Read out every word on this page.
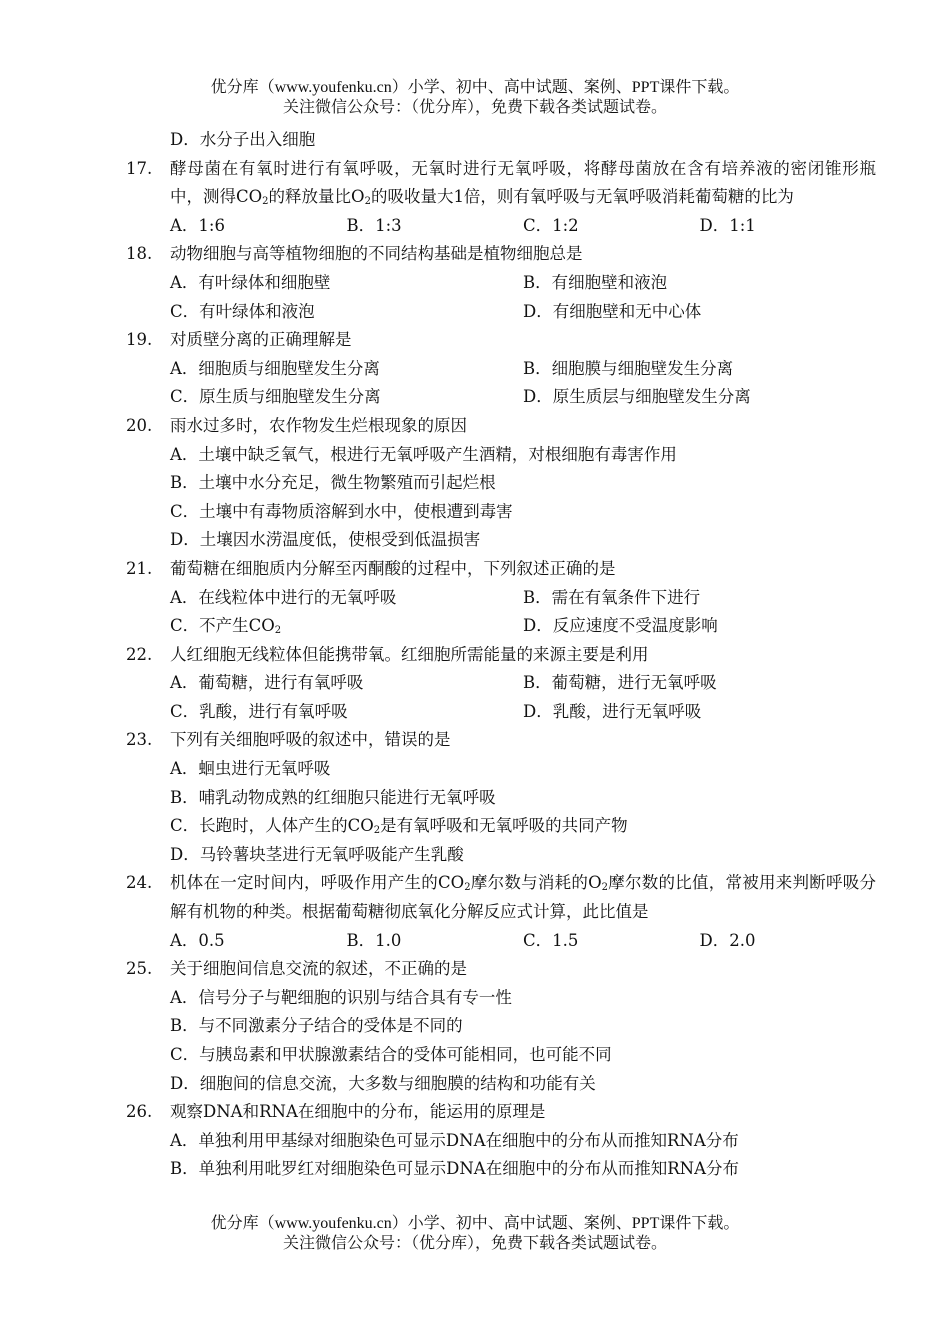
优分库（www.youfenku.cn）小学、初中、高中试题、案例、PPT课件下载。
关注微信公众号：（优分库），免费下载各类试题试卷。
D．水分子出入细胞
17.	酵母菌在有氧时进行有氧呼吸，无氧时进行无氧呼吸，将酵母菌放在含有培养液的密闭锥形瓶中，测得$CO_2$的释放量比$O_2$的吸收量大1倍，则有氧呼吸与无氧呼吸消耗葡萄糖的比为
A．1:6	B．1:3	C．1:2	D．1:1
18.	动物细胞与高等植物细胞的不同结构基础是植物细胞总是
A．有叶绿体和细胞壁	B．有细胞壁和液泡
C．有叶绿体和液泡	D．有细胞壁和无中心体
19.	对质壁分离的正确理解是
A．细胞质与细胞壁发生分离	B．细胞膜与细胞壁发生分离
C．原生质与细胞壁发生分离	D．原生质层与细胞壁发生分离
20.	雨水过多时，农作物发生烂根现象的原因
A．土壤中缺乏氧气，根进行无氧呼吸产生酒精，对根细胞有毒害作用
B．土壤中水分充足，微生物繁殖而引起烂根
C．土壤中有毒物质溶解到水中，使根遭到毒害
D．土壤因水涝温度低，使根受到低温损害
21.	葡萄糖在细胞质内分解至丙酮酸的过程中，下列叙述正确的是
A．在线粒体中进行的无氧呼吸	B．需在有氧条件下进行
C．不产生$CO_2$	D．反应速度不受温度影响
22.	人红细胞无线粒体但能携带氧。红细胞所需能量的来源主要是利用
A．葡萄糖，进行有氧呼吸	B．葡萄糖，进行无氧呼吸
C．乳酸，进行有氧呼吸	D．乳酸，进行无氧呼吸
23.	下列有关细胞呼吸的叙述中，错误的是
A．蛔虫进行无氧呼吸
B．哺乳动物成熟的红细胞只能进行无氧呼吸
C．长跑时，人体产生的$CO_2$是有氧呼吸和无氧呼吸的共同产物
D．马铃薯块茎进行无氧呼吸能产生乳酸
24.	机体在一定时间内，呼吸作用产生的$CO_2$摩尔数与消耗的$O_2$摩尔数的比值，常被用来判断呼吸分解有机物的种类。根据葡萄糖彻底氧化分解反应式计算，此比值是
A．0.5	B．1.0	C．1.5	D．2.0
25.	关于细胞间信息交流的叙述，不正确的是
A．信号分子与靶细胞的识别与结合具有专一性
B．与不同激素分子结合的受体是不同的
C．与胰岛素和甲状腺激素结合的受体可能相同，也可能不同
D．细胞间的信息交流，大多数与细胞膜的结构和功能有关
26.	观察DNA和RNA在细胞中的分布，能运用的原理是
A．单独利用甲基绿对细胞染色可显示DNA在细胞中的分布从而推知RNA分布
B．单独利用吡罗红对细胞染色可显示DNA在细胞中的分布从而推知RNA分布
优分库（www.youfenku.cn）小学、初中、高中试题、案例、PPT课件下载。
关注微信公众号：（优分库），免费下载各类试题试卷。
